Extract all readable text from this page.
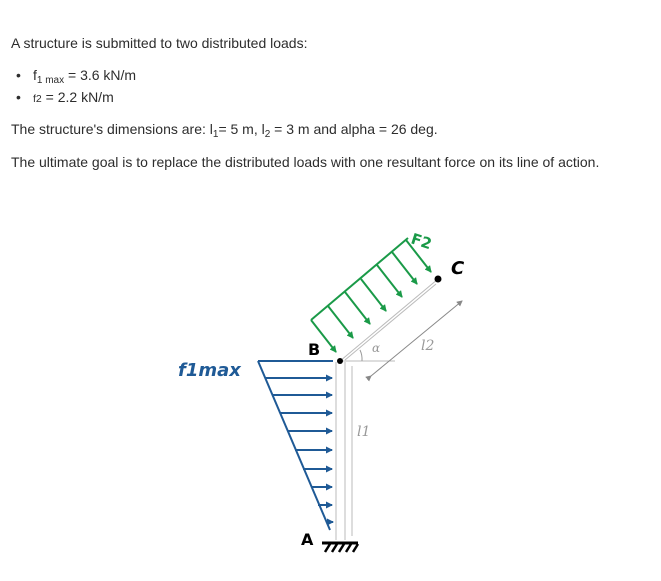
A structure is submitted to two distributed loads:

• $f_{1 max} = 3.6$ kN/m
• f2 = 2.2 kN/m

The structure's dimensions are: $l_1= 5$ m, $l_2 = 3$ m and alpha = 26 deg.

The ultimate goal is to replace the distributed loads with one resultant force on its line of action.

f1max
F2
B
C
A
l1
l2
α
